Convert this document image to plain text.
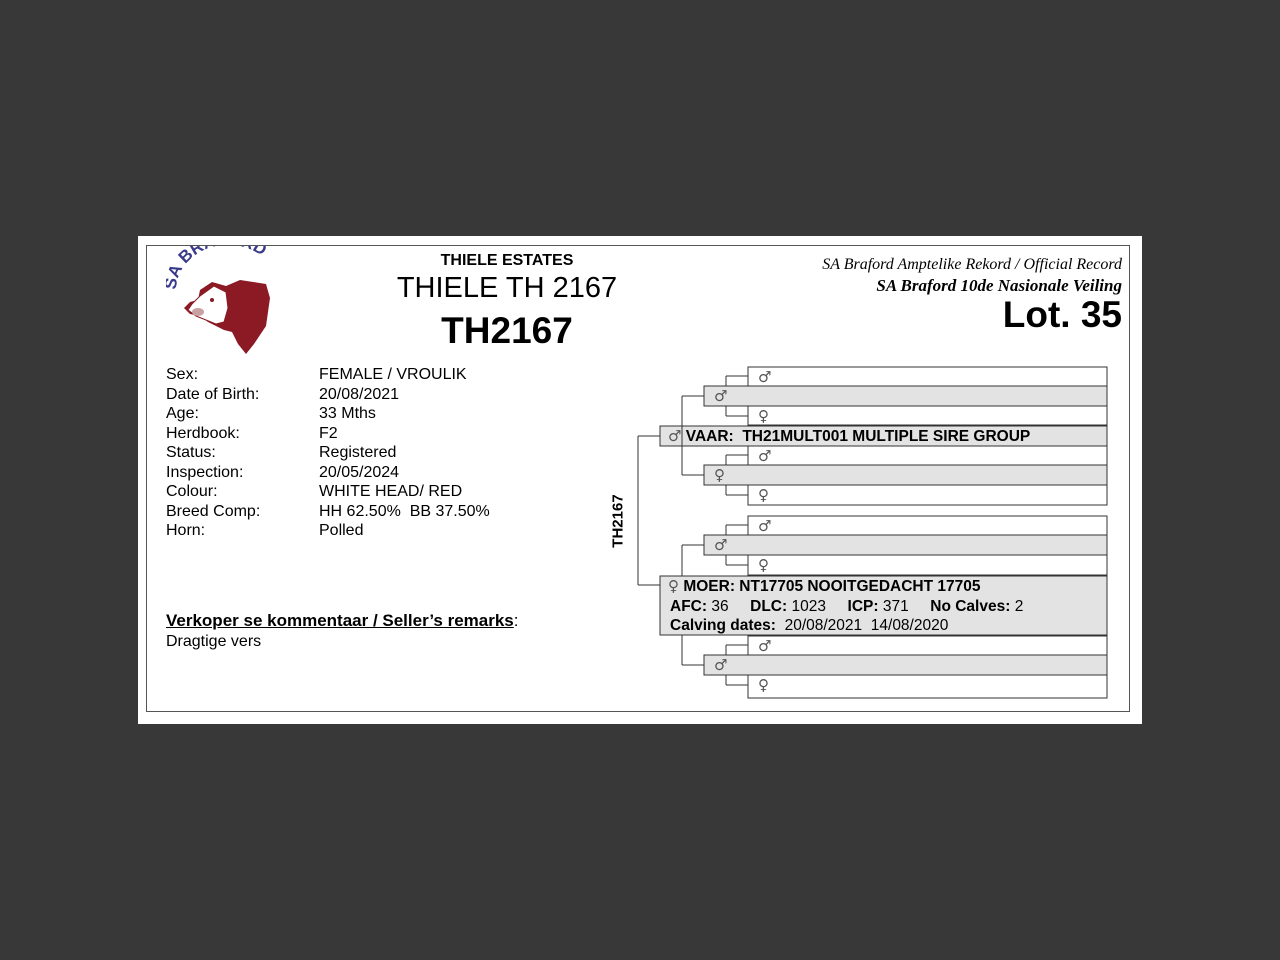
BR D
THIELE ESTATES
THIELE TH 2167
TH2167
SA Braford Amptelike Rekord / Official Record
SA Braford 10de Nasionale Veiling
Lot. 35
Sex:	FEMALE / VROULIK
Date of Birth:	20/08/2021
Age:	33 Mths
Herdbook:	F2
Status:	Registered
Inspection:	20/05/2024
Colour:	WHITE HEAD/ RED
Breed Comp:	HH 62.50%  BB 37.50%
Horn:	Polled
Verkoper se kommentaar / Seller’s remarks:
Dragtige vers
TH2167
♂
♂
♀
♂
♀
♀
♂
♂
♀
♂
♂
♀
♂ VAAR: TH21MULT001 MULTIPLE SIRE GROUP
♀ MOER: NT17705 NOOITGEDACHT 17705
AFC: 36 DLC: 1023 ICP: 371 No Calves: 2
Calving dates: 20/08/2021  14/08/2020
